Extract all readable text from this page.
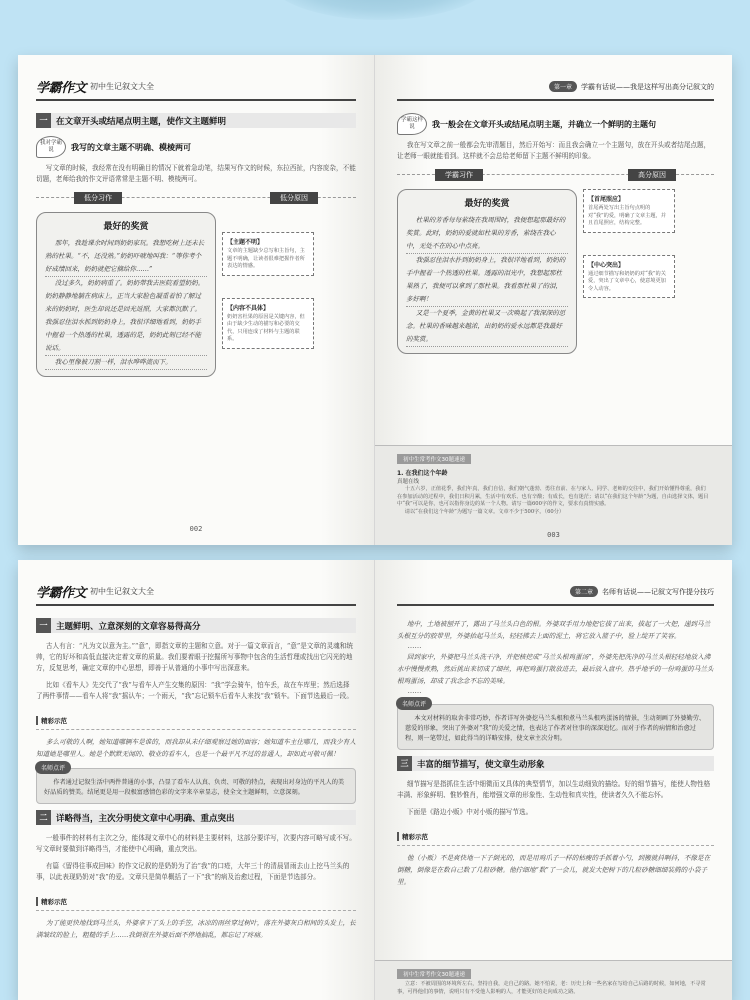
学霸作文 初中生记叙文大全
一	在文章开头或结尾点明主题，使作文主题鲜明
我对学霸说	我写的文章主题不明确、模棱两可

写文章的时候，我经常在没有明确目的情况下就着急动笔，结果写作文的时候，东拉西扯，内容庞杂，不能切题，老师给我的作文评语常常是主题不明、模棱两可。

低分习作	低分原因
最好的奖赏

那年，我趁课余时间到奶奶家玩。我想吃树上还未长熟的杜果。“不，还没熟。”奶奶吓唬地叫我：“等你考个好成绩回来，奶奶就把它摘给你……”

没过多久，奶奶病重了。奶奶带我去医院看望奶奶。奶奶静静地躺在病床上，正当大家脸色凝重着怕了解过来的奶奶时，医生却说还是回光返照，大家都沉默了。我强忍住泪水抓到奶奶身上，我很详细地看到，奶奶手中握着一个热透的杜果，透露的是，奶奶此刻已经不能说话。

我心里像被刀割一样，泪水哗哗流而下。

【主题不明】
文章的主题缺少总写和主旨句，主题不明确，让读者很难把握作者所表达的情感。
【内容不具体】
奶奶害杜果的原因是关键内容，但由于缺少生动的描写和必要的交代，只用连成了材料与主题的联系。
002
第一章	学霸有话说——我是这样写出高分记叙文的
学霸这样说	我一般会在文章开头或结尾点明主题，并确立一个鲜明的主题句

我在写文章之前一般都会先审清题目，然后开始写：而且我会确立一个主题句，放在开头或者结尾点题，让老师一眼就能看到。这样就不会总给老师留下主题不鲜明的印象。

学霸习作	高分原因
最好的奖赏

杜果的芳香每每萦绕在我周围时，我便想起那最好的奖赏。此时，奶奶的爱就如杜果的芳香，萦绕在我心中，无处不在的心中点亮。

我强忍住泪水扑到奶奶身上，我很详地看到，奶奶的手中握着一个热透的杜果。透露的泪光中，我想起那杜果熟了，我便可以拿到了那杜果。我看那杜果了的泪，多好啊！

又是一个夏季，金黄的杜果又一次唤起了我深深的思念。杜果的香味越来越浓，出奶奶的爱永远都是我最好的奖赏。

【首尾照应】
首尾两处写出主旨句点明的对“我”的爱，明确了文章主题，并且首尾照应，结构完整。
【中心突出】
通过细节描写和奶奶的对“我”的关爱，突出了文章中心，使意境更加令人动容。
初中生常考作文30题速递
1. 在我们这个年龄
真题在线

十五六岁，正值花季，我们年真，我们自信，我们朝气蓬勃、勇往直前、在与家人、同学、老师的交往中，我们开始懂得尊重，我们在参加活动的过程中，我们日积月累，生活中有欢乐、也有辛酸；有成长，也有迷茫；请以“在我们这个年龄”为题，自由选择文体，题目中“我”可以是你，也可以指你身边的某一个人物。请写一篇600字的作文，要求有真情实感。

请以“在我们这个年龄”为题写一篇文章。文章不少于500字。（60分）

003
学霸作文 初中生记叙文大全
一	主题鲜明、立意深刻的文章容易得高分

古人有言：“凡为文以意为主。”“意”，即指文章的主题和立意。对于一篇文章而言，“意”是文章的灵魂和统帅，它的好坏和高低直接决定着文章的质量。我们要着眼于挖掘所写事物中包含的生活哲理或找出它闪光的地方，反复思考，确定文章的中心思想，即善于从普通的小事中写出深意来。

比如《看车人》先交代了“我”与看车人产生交集的原因：“我”学会骑车，怕车丢，故在车库里；然后选择了两件事情——看车人将“我”摇认车；一个雨天，“我”忘记锁车后看车人来找“我”锁车。下面节选最后一段。

精彩示范

多么可敬的人啊，她知道哪辆车是谁的，而我却从未仔细观察过她的面容；她知道车主住哪几，而我少有人知道她是哪里人。她是个默默无闻的、敬业的看车人，也是一个最平凡不过的普通人，却如此可敬可佩！

名师点评

作者通过记叙生活中两件普通的小事，凸显了看车人认真、负责、可敬的特点，表现出对身边的平凡人的美好品质的赞美。结尾更是用一段极富感情色彩的文字来卒章显志，使全文主题鲜明，立意深刻。

二	详略得当，主次分明使文章中心明确、重点突出

一般事件的材料有主次之分，能体现文章中心的材料是主要材料，这部分要详写，次要内容可略写或不写。写文章时要做到详略得当，才能使中心明确，重点突出。

有篇《留得往事成回味》的作文记叙的是奶奶为了治“我”的口疮，大年三十的清晨冒雨去山上挖马兰头的事，以此表现奶奶对“我”的爱。文章只是简单概括了一下“我”的病及治愈过程，下面是节选部分。

精彩示范

为了能更快地找到马兰头，外婆拿下了头上的手笠，冰凉的雨丝穿过树叶，落在外婆灰白相间的头发上，长满皱纹的脸上，粗糙的手上……我倒很在外婆后面不停地搞乱，都忘记了疼痛。

第二章	名师有话说——记叙文写作提分技巧

地中，土地被刨开了，露出了马兰头白色的根。外婆双手用力地把它拔了出来，拔起了一大把，递到马兰头根互分的胶带里，外婆抬起马兰头，轻轻拂去上面的泥土，将它放入篮子中，脸上绽开了笑容。

……

回到家中，外婆把马兰头洗干净，并把核挖成“马兰头根鸡蛋汤”，外婆先把洗净的马兰头根轻轻地放入沸水中慢慢煮熟，然后挑出来切成了细丝，再把鸡蛋打散放进去，最后放入盘中。热乎地乎的一份鸡蛋的马兰头根鸡蛋汤，却成了我念念不忘的美味。

……
名师点评

本文对材料的取舍非常巧妙，作者详写外婆挖马兰头根和煮马兰头根鸡蛋汤的情景，生动刻画了外婆勤劳、慈爱的形象，突出了外婆对“我”的关爱之情，也表达了作者对往事的深深追忆。而对于作者的病情和治愈过程，则一笔带过，如此得当的详略安排，使文章主次分明。

三	丰富的细节描写，使文章生动形象

细节描写是指抓住生活中细微而又具体的典型情节，加以生动细致的描绘。好的细节描写，能使人物性格丰满、形象鲜明、惟妙惟肖，能增强文章的形象性、生动性和真实性，使读者久久不能忘怀。

下面是《路边小贩》中对小贩的描写节选。

精彩示范

他（小贩）不是爽快地一下子倒光的，而是用鸡爪子一样的枯瘦的手抓着小勺，到搬就抖啊抖，不像是在倒糖，倒像是在数自己数了几粒砂糖。他拧细地“数”了一会儿，就发大把树下的几粒砂糖细细装腾的小袋子里。

初中生常考作文30题速递

立意：不被周围的环境所左右，坚持自我，走自己的路。她不怕说，老：历史上和一些名家在写给自己后路的时候，如何地，不寻常事，可得他们的事情，说明只有不受他人影响的人，才能更好的走向成功之路。
